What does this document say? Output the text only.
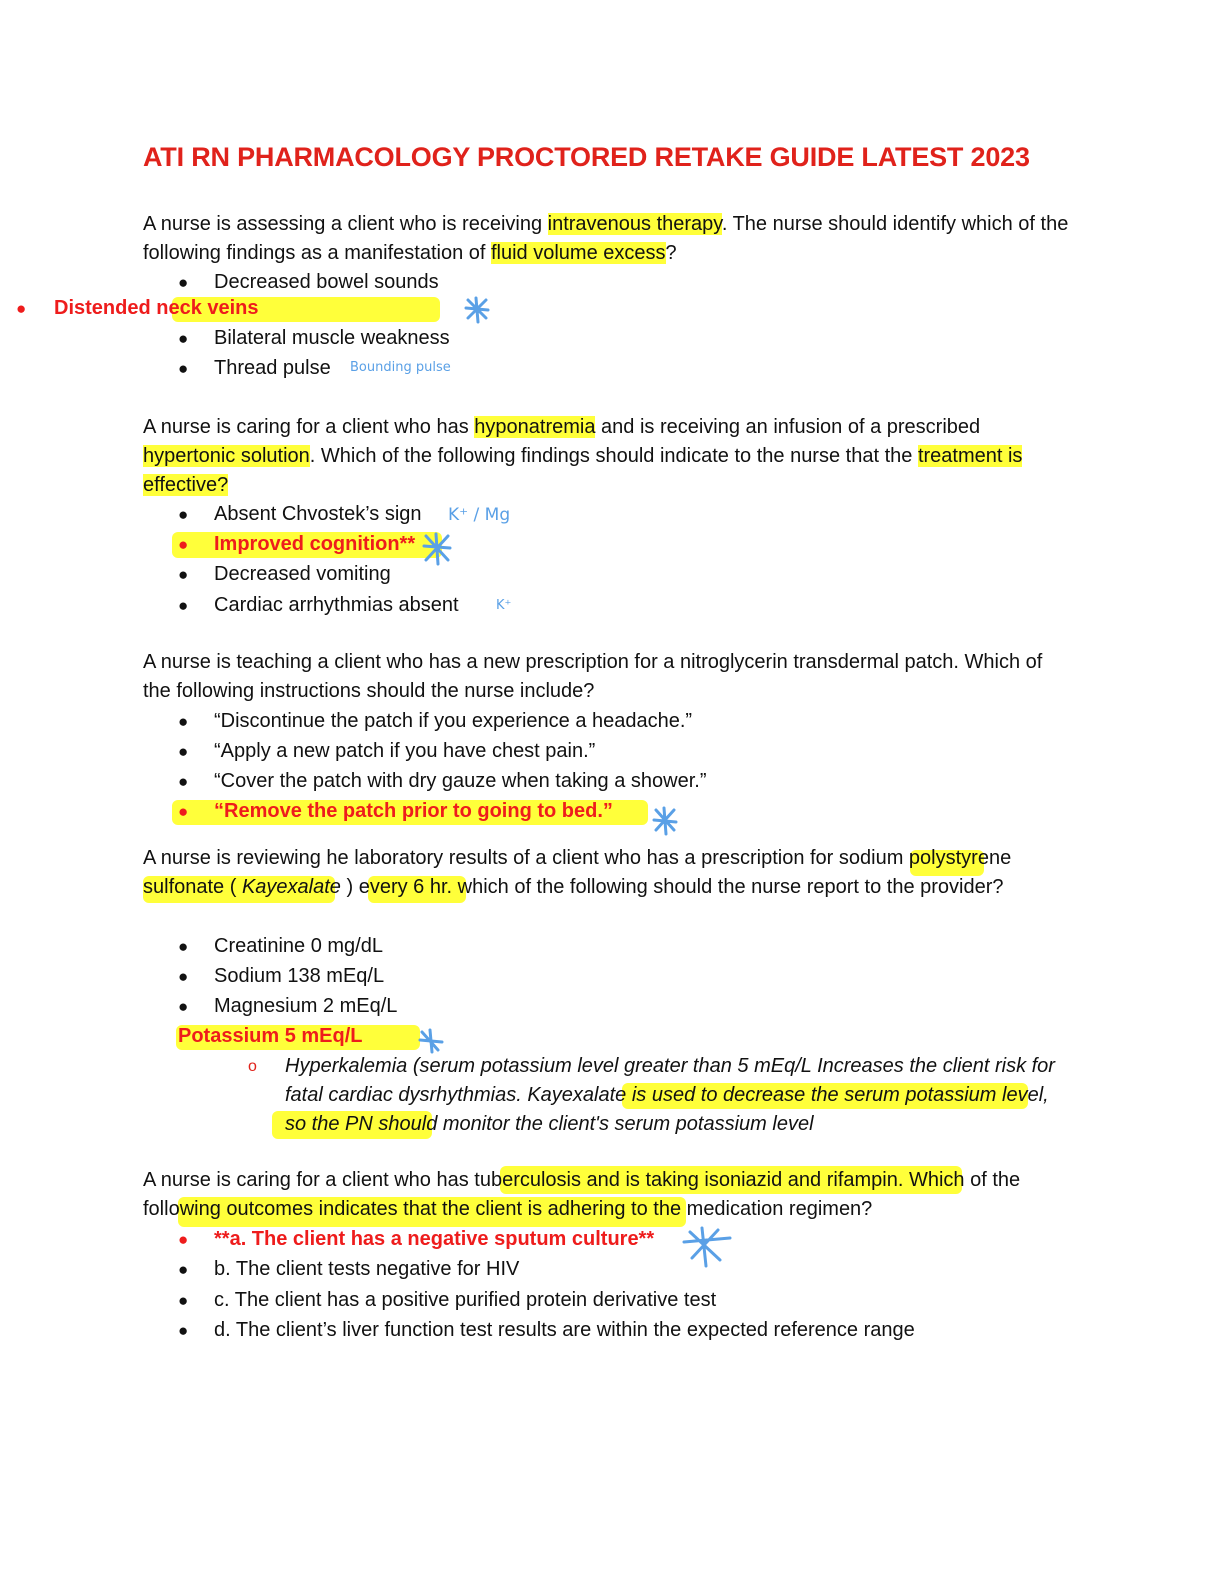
ATI RN PHARMACOLOGY PROCTORED RETAKE GUIDE LATEST 2023

A nurse is assessing a client who is receiving intravenous therapy. The nurse should identify which of the following findings as a manifestation of fluid volume excess?

● Decreased bowel sounds
● Distended neck veins
● Bilateral muscle weakness
● Thread pulse Bounding pulse

A nurse is caring for a client who has hyponatremia and is receiving an infusion of a prescribed hypertonic solution. Which of the following findings should indicate to the nurse that the treatment is effective?

● Absent Chvostek’s sign K⁺ / Mg
● Improved cognition**
● Decreased vomiting
● Cardiac arrhythmias absent	K⁺

A nurse is teaching a client who has a new prescription for a nitroglycerin transdermal patch. Which of the following instructions should the nurse include?

● “Discontinue the patch if you experience a headache.”
● “Apply a new patch if you have chest pain.”
● “Cover the patch with dry gauze when taking a shower.”
● “Remove the patch prior to going to bed.”

A nurse is reviewing he laboratory results of a client who has a prescription for sodium polystyrene sulfonate ( Kayexalate ) every 6 hr. which of the following should the nurse report to the provider?

● Creatinine 0 mg/dL
● Sodium 138 mEq/L
● Magnesium 2 mEq/L
Potassium 5 mEq/L
o Hyperkalemia (serum potassium level greater than 5 mEq/L Increases the client risk for fatal cardiac dysrhythmias. Kayexalate is used to decrease the serum potassium level, so the PN should monitor the client's serum potassium level

A nurse is caring for a client who has tuberculosis and is taking isoniazid and rifampin. Which of the following outcomes indicates that the client is adhering to the medication regimen?

● **a. The client has a negative sputum culture**
● b. The client tests negative for HIV
● c. The client has a positive purified protein derivative test
● d. The client’s liver function test results are within the expected reference range
